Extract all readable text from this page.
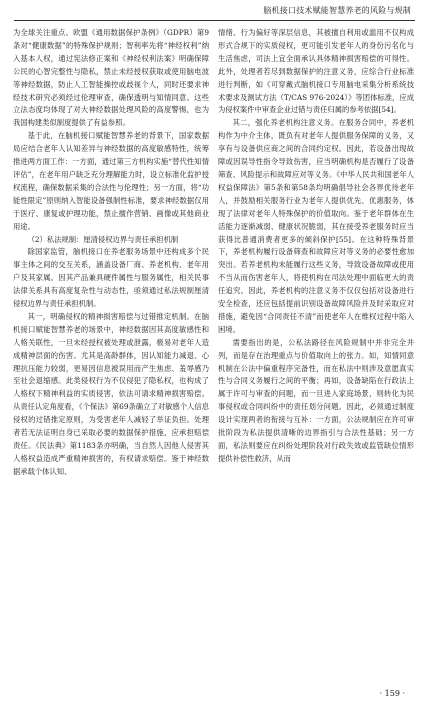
脑机接口技术赋能智慧养老的风险与规制

为全球关注重点。欧盟《通用数据保护条例》（GDPR）第9条对“健康数据”的特殊保护规则；智利率先将“神经权利”纳入基本人权，通过宪法修正案和《神经权利法案》明确保障公民的心智完整性与隐私，禁止未经授权获取或使用脑电波等神经数据，防止人工智能操控或歧视个人，同时还要求神经技术研究必须经过伦理审查，确保透明与知情同意。这些立法态度均体现了对大神经数据处理风险的高度警惕，也为我国构建类似制度提供了有益参照。

基于此，在脑机接口赋能智慧养老的背景下，国家数据局应结合老年人认知差异与神经数据的高度敏感特性，统筹推进两方面工作：一方面，通过第三方机构实施“替代性知情评估”，在老年用户缺乏充分理解能力时，设立标准化监护授权流程，确保数据采集的合法性与伦理性；另一方面，将“功能性限定”原则纳入智能设备强制性标准，要求神经数据仅用于医疗、康复或护理功能，禁止擅作营销、画像或其他商业用途。

（2）私法规制：厘清侵权边界与责任承担机制

除国家监管，脑机接口在养老服务场景中还构成多个民事主体之间的交互关系，涵盖设备厂商、养老机构、老年用户及其家属。因其产品兼具硬件属性与服务属性，相关民事法律关系具有高度复杂性与动态性，亟须通过私法规制厘清侵权边界与责任承担机制。

其一，明确侵权的精神损害赔偿与过错推定机制。在脑机接口赋能智慧养老的场景中，神经数据因其高度敏感性和人格关联性，一旦未经授权被处理或泄露，极易对老年人造成精神层面的伤害。尤其是高龄群体，因认知能力减退、心理抗压能力较弱，更易因信息被误用而产生焦虑、羞辱感乃至社会退缩感。此类侵权行为不仅侵犯了隐私权，也构成了人格权下精神利益的实质侵害，依法可请求精神损害赔偿。从责任认定角度看，《个保法》第69条确立了对敏感个人信息侵权的过错推定原则，为受害老年人减轻了举证负担。处理者若无法证明自身已采取必要的数据保护措施，应承担赔偿责任。《民法典》第1183条亦明确，当自然人因他人侵害其人格权益造成严重精神损害的，有权请求赔偿。鉴于神经数据承载个体认知、

情绪、行为偏好等深层信息，其被擅自利用或滥用不仅构成形式合规下的实质侵权，更可能引发老年人的身份污名化与生活焦虑，司法上宜全面承认具体精神损害赔偿的可得性。此外，处理者若尽到数据保护的注意义务，应综合行业标准进行判断，如《可穿戴式脑机接口专用脑电采集分析系统技术要求及测试方法（T/CAS 976-2024）》等团体标准，应成为侵权案件中审查企业过错与责任归属的参考依据[54]。

其二，强化养老机构注意义务。在服务合同中，养老机构作为中介主体，既负有对老年人提供服务保障的义务，又享有与设备供应商之间的合同约定权。因此，若设备出现故障或因误导性指令导致伤害，应当明确机构是否履行了设备筛查、风险提示和故障应对等义务。《中华人民共和国老年人权益保障法》第5条和第58条均明确倡导社会各界优待老年人，并鼓励相关服务行业为老年人提供优先、优惠服务，体现了法律对老年人特殊保护的价值取向。鉴于老年群体在生活能力逐渐减弱、健康状况脆弱，其在接受养老服务时应当获得比普通消费者更多的倾斜保护[55]。在这种特殊背景下，养老机构履行设备筛查和故障应对等义务的必要性愈加突出。若养老机构未能履行这些义务，导致设备故障或使用不当从而伤害老年人，将使机构在司法处理中面临更大的责任追究。因此，养老机构的注意义务不仅仅包括对设备进行安全检查，还应包括提前识别设备故障风险并及时采取应对措施，避免因“合同责任不清”而使老年人在维权过程中陷入困境。

需要指出的是，公私法路径在风险规制中并非完全并列，而是存在治理重点与价值取向上的张力。如，知情同意机制在公法中偏重程序完备性，而在私法中则涉及意愿真实性与合同义务履行之间的平衡；再如，设备缺陷在行政法上属于许可与审查的问题，而一旦进入家庭场景，则转化为民事侵权或合同纠纷中的责任划分问题。因此，必须通过制度设计实现两者的衔接与互补：一方面，公法规制应在许可审批阶段为私法提供清晰的边界指引与合法性基础；另一方面，私法则要应在纠纷处理阶段对行政失效或监管缺位情形提供补偿性救济，从而

· 159 ·
